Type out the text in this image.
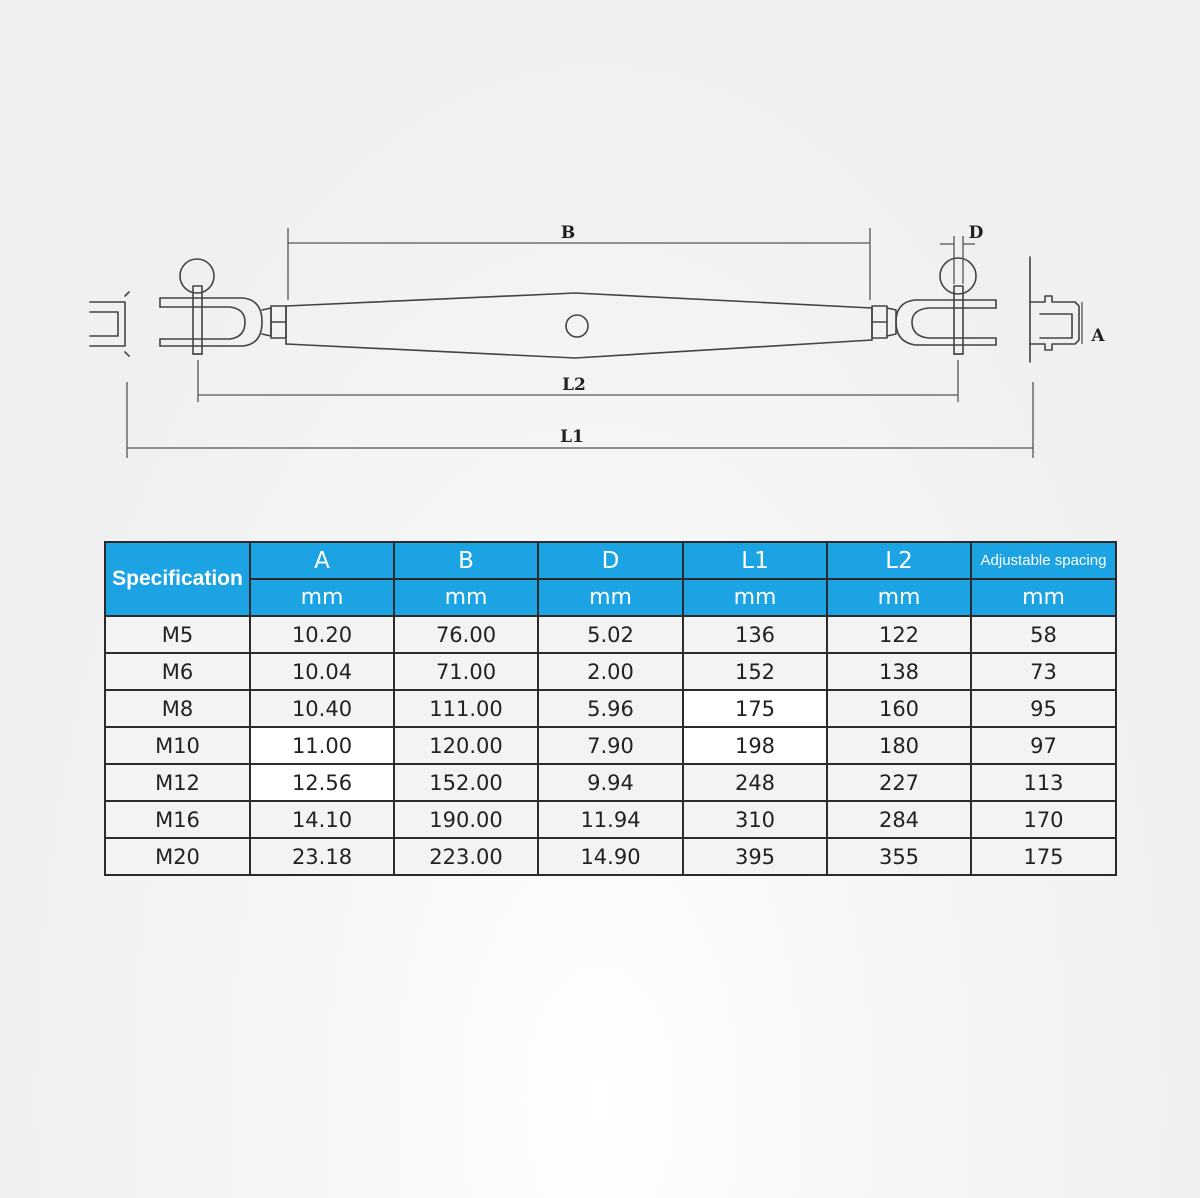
B	D
A
L2
L1
Specification	A	B	D	L1	L2	Adjustable spacing
	mm	mm	mm	mm	mm	mm
M5	10.20	76.00	5.02	136	122	58
M6	10.04	71.00	2.00	152	138	73
M8	10.40	111.00	5.96	175	160	95
M10	11.00	120.00	7.90	198	180	97
M12	12.56	152.00	9.94	248	227	113
M16	14.10	190.00	11.94	310	284	170
M20	23.18	223.00	14.90	395	355	175
